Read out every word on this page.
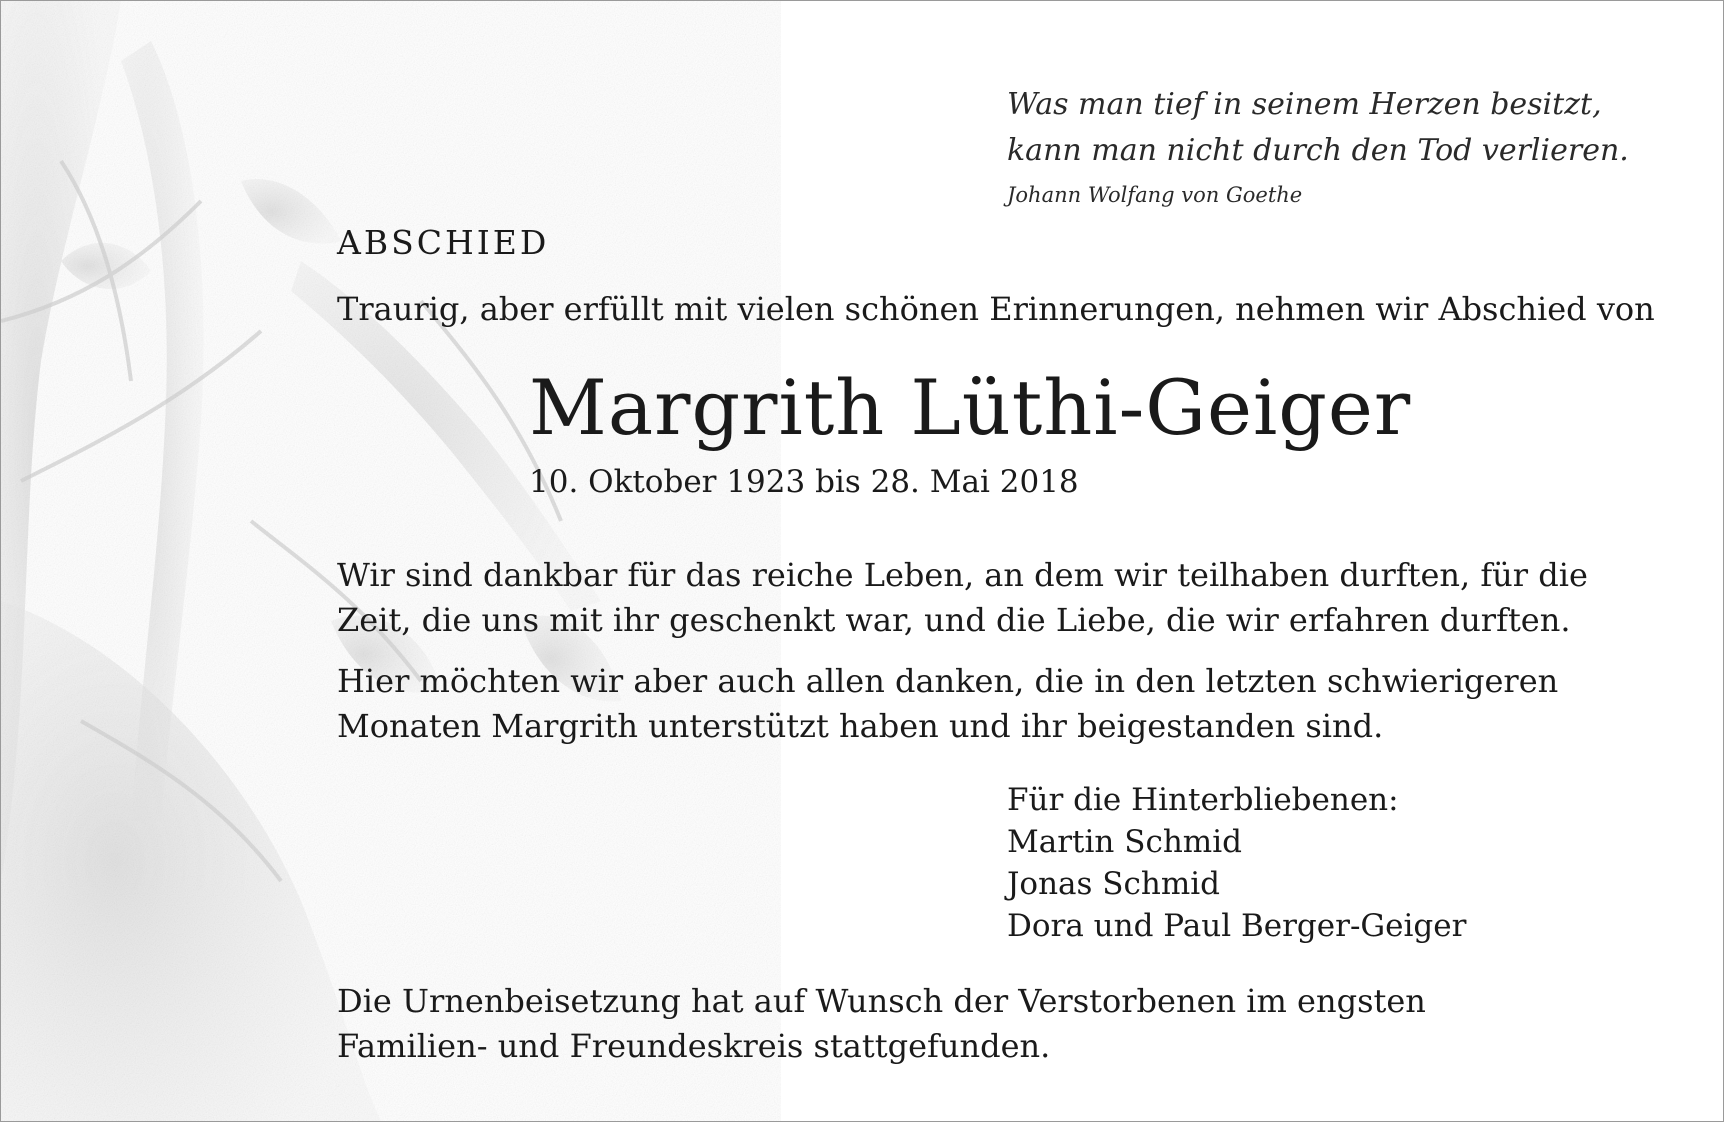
Was man tief in seinem Herzen besitzt,
kann man nicht durch den Tod verlieren.
Johann Wolfang von Goethe
ABSCHIED
Traurig, aber erfüllt mit vielen schönen Erinnerungen, nehmen wir Abschied von
Margrith Lüthi-Geiger
10. Oktober 1923 bis 28. Mai 2018
Wir sind dankbar für das reiche Leben, an dem wir teilhaben durften, für die Zeit, die uns mit ihr geschenkt war, und die Liebe, die wir erfahren durften.
Hier möchten wir aber auch allen danken, die in den letzten schwierigeren Monaten Margrith unterstützt haben und ihr beigestanden sind.
Für die Hinterbliebenen:
Martin Schmid
Jonas Schmid
Dora und Paul Berger-Geiger
Die Urnenbeisetzung hat auf Wunsch der Verstorbenen im engsten Familien- und Freundeskreis stattgefunden.
